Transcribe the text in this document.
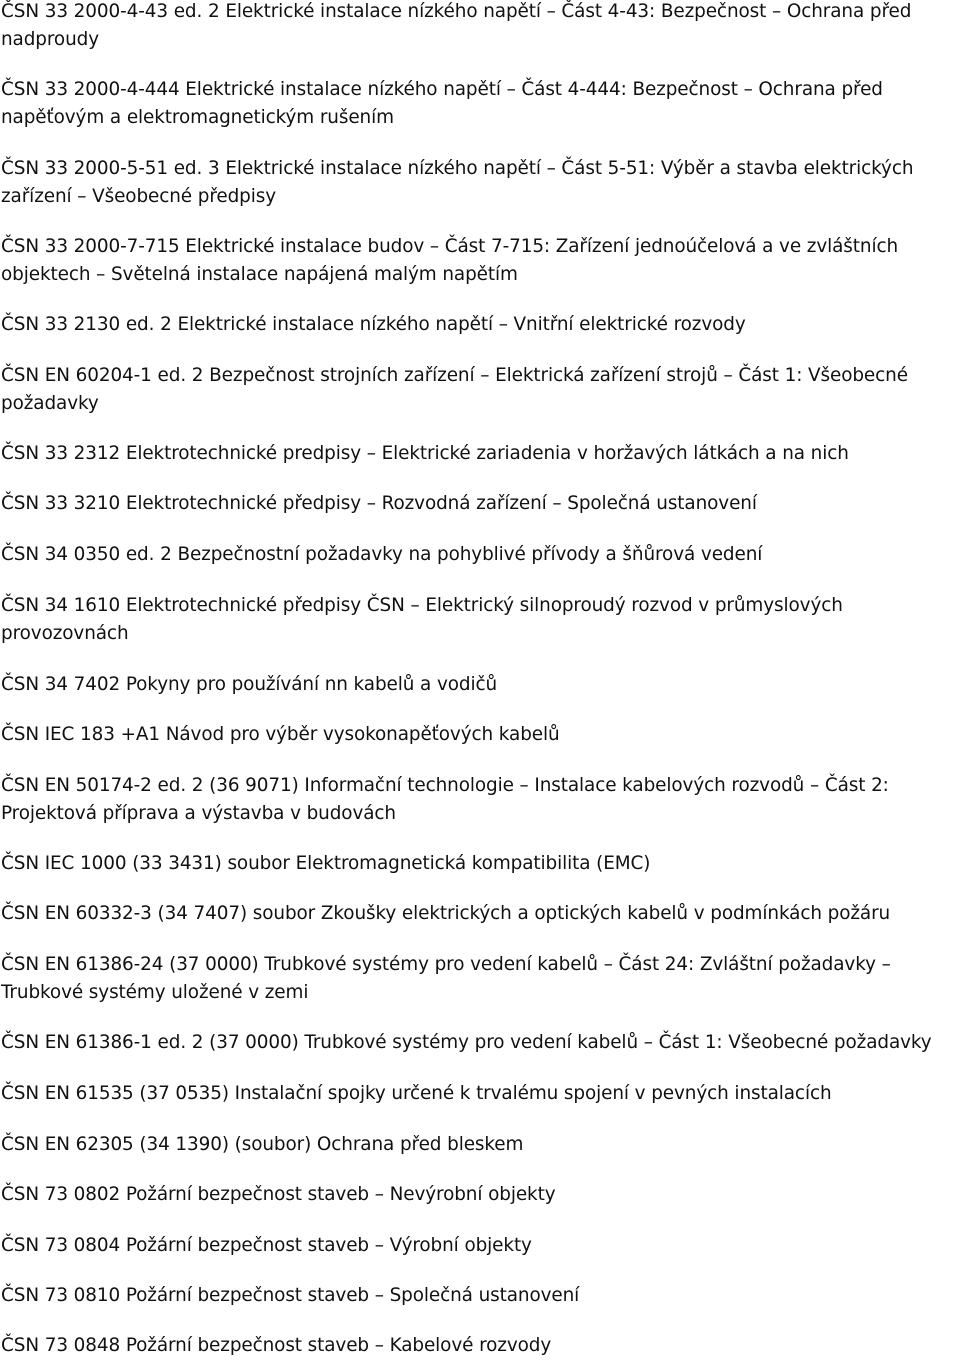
ČSN 33 2000-4-43 ed. 2 Elektrické instalace nízkého napětí – Část 4-43: Bezpečnost – Ochrana před nadproudy
ČSN 33 2000-4-444 Elektrické instalace nízkého napětí – Část 4-444: Bezpečnost – Ochrana před napěťovým a elektromagnetickým rušením
ČSN 33 2000-5-51 ed. 3 Elektrické instalace nízkého napětí – Část 5-51: Výběr a stavba elektrických zařízení – Všeobecné předpisy
ČSN 33 2000-7-715 Elektrické instalace budov – Část 7-715: Zařízení jednoúčelová a ve zvláštních objektech – Světelná instalace napájená malým napětím
ČSN 33 2130 ed. 2 Elektrické instalace nízkého napětí – Vnitřní elektrické rozvody
ČSN EN 60204-1 ed. 2 Bezpečnost strojních zařízení – Elektrická zařízení strojů – Část 1: Všeobecné požadavky
ČSN 33 2312 Elektrotechnické predpisy – Elektrické zariadenia v horžavých látkách a na nich
ČSN 33 3210 Elektrotechnické předpisy – Rozvodná zařízení – Společná ustanovení
ČSN 34 0350 ed. 2 Bezpečnostní požadavky na pohyblivé přívody a šňůrová vedení
ČSN 34 1610 Elektrotechnické předpisy ČSN – Elektrický silnoproudý rozvod v průmyslových provozovnách
ČSN 34 7402 Pokyny pro používání nn kabelů a vodičů
ČSN IEC 183 +A1 Návod pro výběr vysokonapěťových kabelů
ČSN EN 50174-2 ed. 2 (36 9071) Informační technologie – Instalace kabelových rozvodů – Část 2: Projektová příprava a výstavba v budovách
ČSN IEC 1000 (33 3431) soubor Elektromagnetická kompatibilita (EMC)
ČSN EN 60332-3 (34 7407) soubor Zkoušky elektrických a optických kabelů v podmínkách požáru
ČSN EN 61386-24 (37 0000) Trubkové systémy pro vedení kabelů – Část 24: Zvláštní požadavky – Trubkové systémy uložené v zemi
ČSN EN 61386-1 ed. 2 (37 0000) Trubkové systémy pro vedení kabelů – Část 1: Všeobecné požadavky
ČSN EN 61535 (37 0535) Instalační spojky určené k trvalému spojení v pevných instalacích
ČSN EN 62305 (34 1390) (soubor) Ochrana před bleskem
ČSN 73 0802 Požární bezpečnost staveb – Nevýrobní objekty
ČSN 73 0804 Požární bezpečnost staveb – Výrobní objekty
ČSN 73 0810 Požární bezpečnost staveb – Společná ustanovení
ČSN 73 0848 Požární bezpečnost staveb – Kabelové rozvody
